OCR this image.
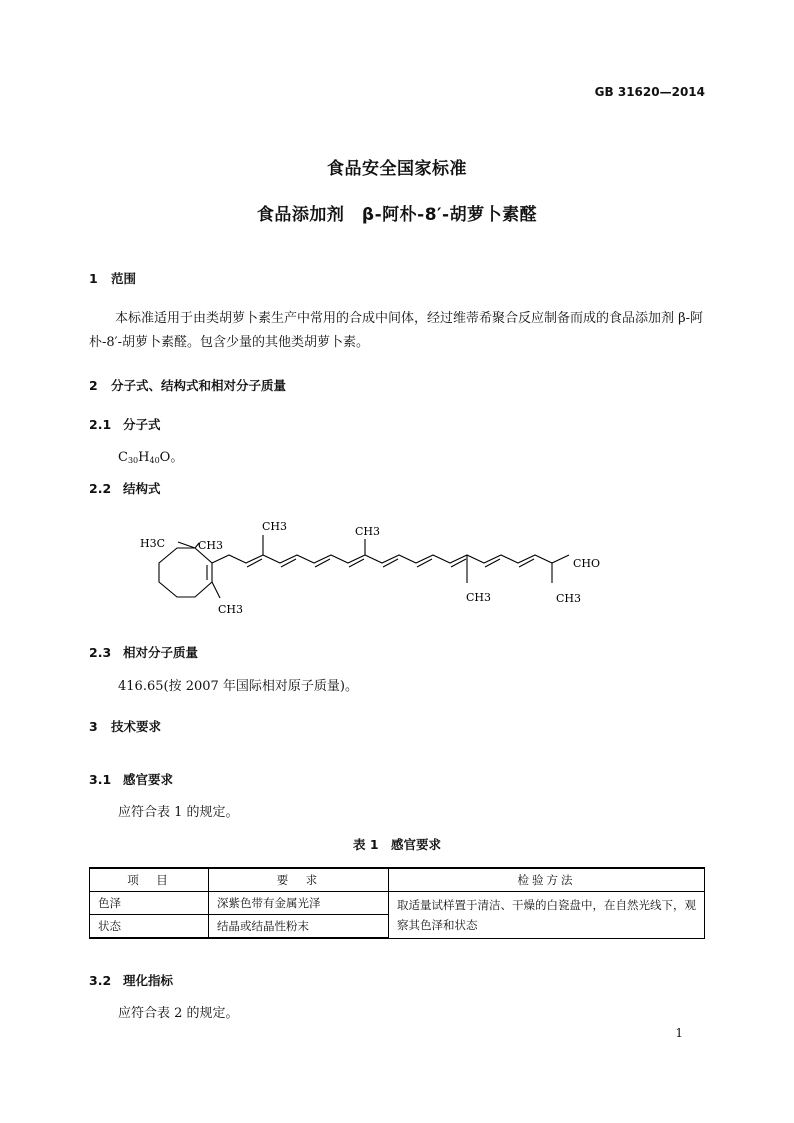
GB 31620—2014
食品安全国家标准
食品添加剂　β-阿朴-8′-胡萝卜素醛
1 范围
本标准适用于由类胡萝卜素生产中常用的合成中间体，经过维蒂希聚合反应制备而成的食品添加剂 β-阿朴-8′-胡萝卜素醛。包含少量的其他类胡萝卜素。
2 分子式、结构式和相对分子质量
2.1 分子式
$C_{30}H_{40}O$。
2.2 结构式
H3C	CH3
CH3
CH3	CH3
CH3	CH3
CHO
2.3 相对分子质量
416.65(按 2007 年国际相对原子质量)。
3 技术要求
3.1 感官要求
应符合表 1 的规定。
表 1　感官要求
项　目	要　求	检验方法
色泽	深紫色带有金属光泽	取适量试样置于清洁、干燥的白瓷盘中，在自然光线下，观察其色泽和状态
状态	结晶或结晶性粉末	
3.2 理化指标
应符合表 2 的规定。
1
